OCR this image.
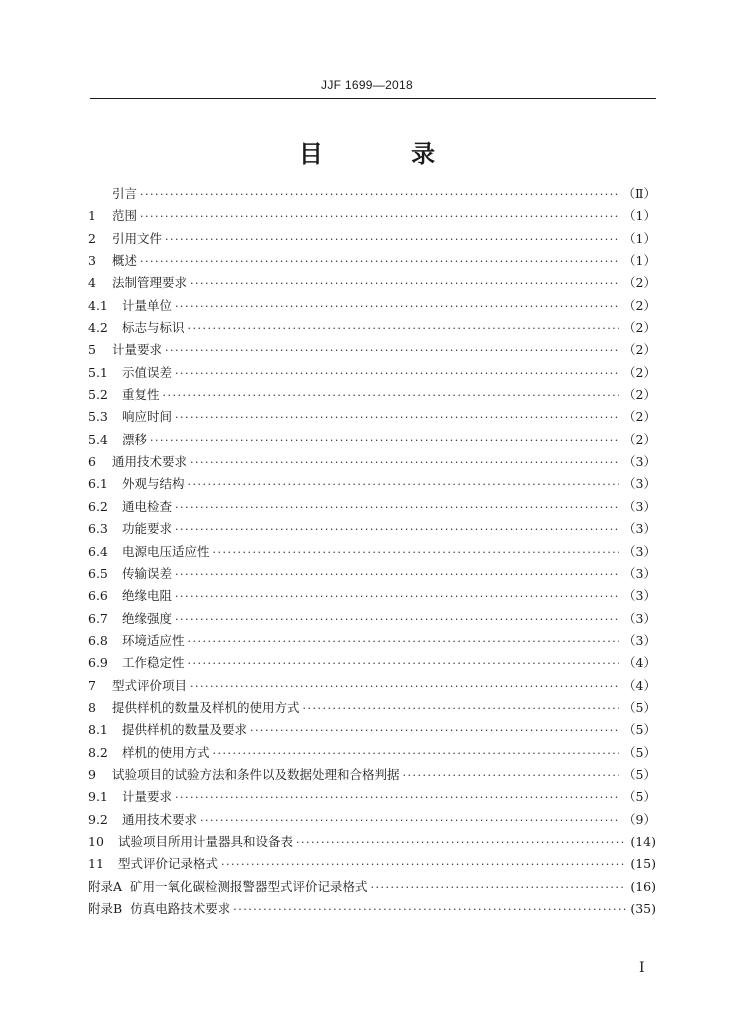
JJF 1699—2018
目 录
引言 ·····	（Ⅱ）
1	范围 ·····	（1）
2	引用文件 ·····	（1）
3	概述 ·····	（1）
4	法制管理要求 ·····	（2）
4.1	计量单位 ·····	（2）
4.2	标志与标识 ·····	（2）
5	计量要求 ·····	（2）
5.1	示值误差 ·····	（2）
5.2	重复性 ·····	（2）
5.3	响应时间 ·····	（2）
5.4	漂移 ·····	（2）
6	通用技术要求 ·····	（3）
6.1	外观与结构 ·····	（3）
6.2	通电检查 ·····	（3）
6.3	功能要求 ·····	（3）
6.4	电源电压适应性 ·····	（3）
6.5	传输误差 ·····	（3）
6.6	绝缘电阻 ·····	（3）
6.7	绝缘强度 ·····	（3）
6.8	环境适应性 ·····	（3）
6.9	工作稳定性 ·····	（4）
7	型式评价项目 ·····	（4）
8	提供样机的数量及样机的使用方式 ·····	（5）
8.1	提供样机的数量及要求 ·····	（5）
8.2	样机的使用方式 ·····	（5）
9	试验项目的试验方法和条件以及数据处理和合格判据 ·····	（5）
9.1	计量要求 ·····	（5）
9.2	通用技术要求 ·····	（9）
10	试验项目所用计量器具和设备表 ·····	(14)
11	型式评价记录格式 ·····	(15)
附录A 矿用一氧化碳检测报警器型式评价记录格式 ·····	(16)
附录B 仿真电路技术要求 ·····	(35)
Ⅰ
